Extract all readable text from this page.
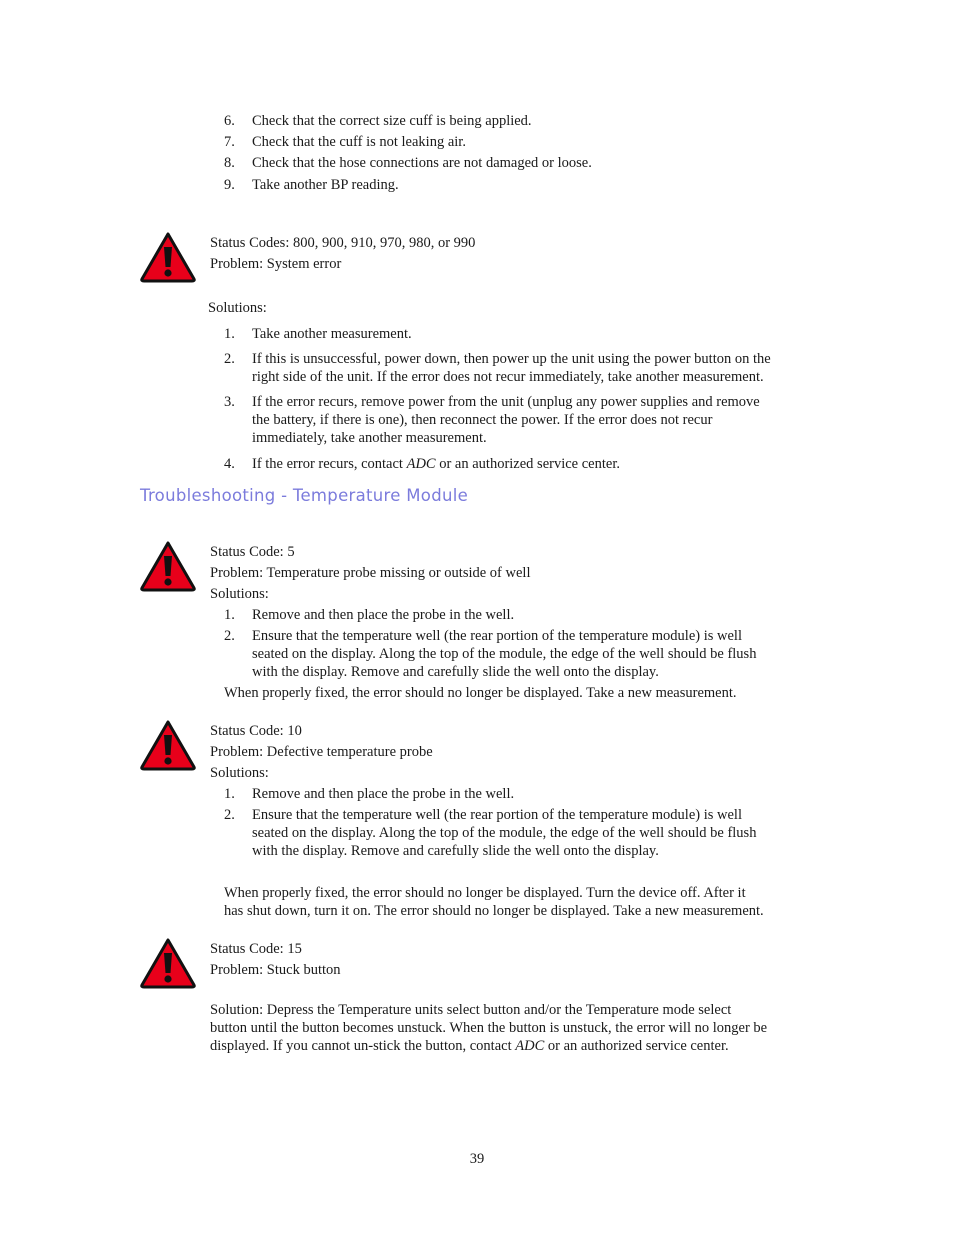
6.	Check that the correct size cuff is being applied.
7.	Check that the cuff is not leaking air.
8.	Check that the hose connections are not damaged or loose.
9.	Take another BP reading.
Status Codes: 800, 900, 910, 970, 980, or 990
Problem: System error
Solutions:
1.	Take another measurement.
2.	If this is unsuccessful, power down, then power up the unit using the power button on the
right side of the unit. If the error does not recur immediately, take another measurement.
3.	If the error recurs, remove power from the unit (unplug any power supplies and remove
the battery, if there is one), then reconnect the power. If the error does not recur
immediately, take another measurement.
4.	If the error recurs, contact ADC or an authorized service center.
Troubleshooting - Temperature Module
Status Code: 5
Problem: Temperature probe missing or outside of well
Solutions:
1.	Remove and then place the probe in the well.
2.	Ensure that the temperature well (the rear portion of the temperature module) is well
seated on the display. Along the top of the module, the edge of the well should be flush
with the display. Remove and carefully slide the well onto the display.
When properly fixed, the error should no longer be displayed. Take a new measurement.
Status Code: 10
Problem: Defective temperature probe
Solutions:
1.	Remove and then place the probe in the well.
2.	Ensure that the temperature well (the rear portion of the temperature module) is well
seated on the display. Along the top of the module, the edge of the well should be flush
with the display. Remove and carefully slide the well onto the display.
When properly fixed, the error should no longer be displayed. Turn the device off. After it
has shut down, turn it on. The error should no longer be displayed. Take a new measurement.
Status Code: 15
Problem: Stuck button
Solution: Depress the Temperature units select button and/or the Temperature mode select
button until the button becomes unstuck. When the button is unstuck, the error will no longer be
displayed. If you cannot un-stick the button, contact ADC or an authorized service center.
39
